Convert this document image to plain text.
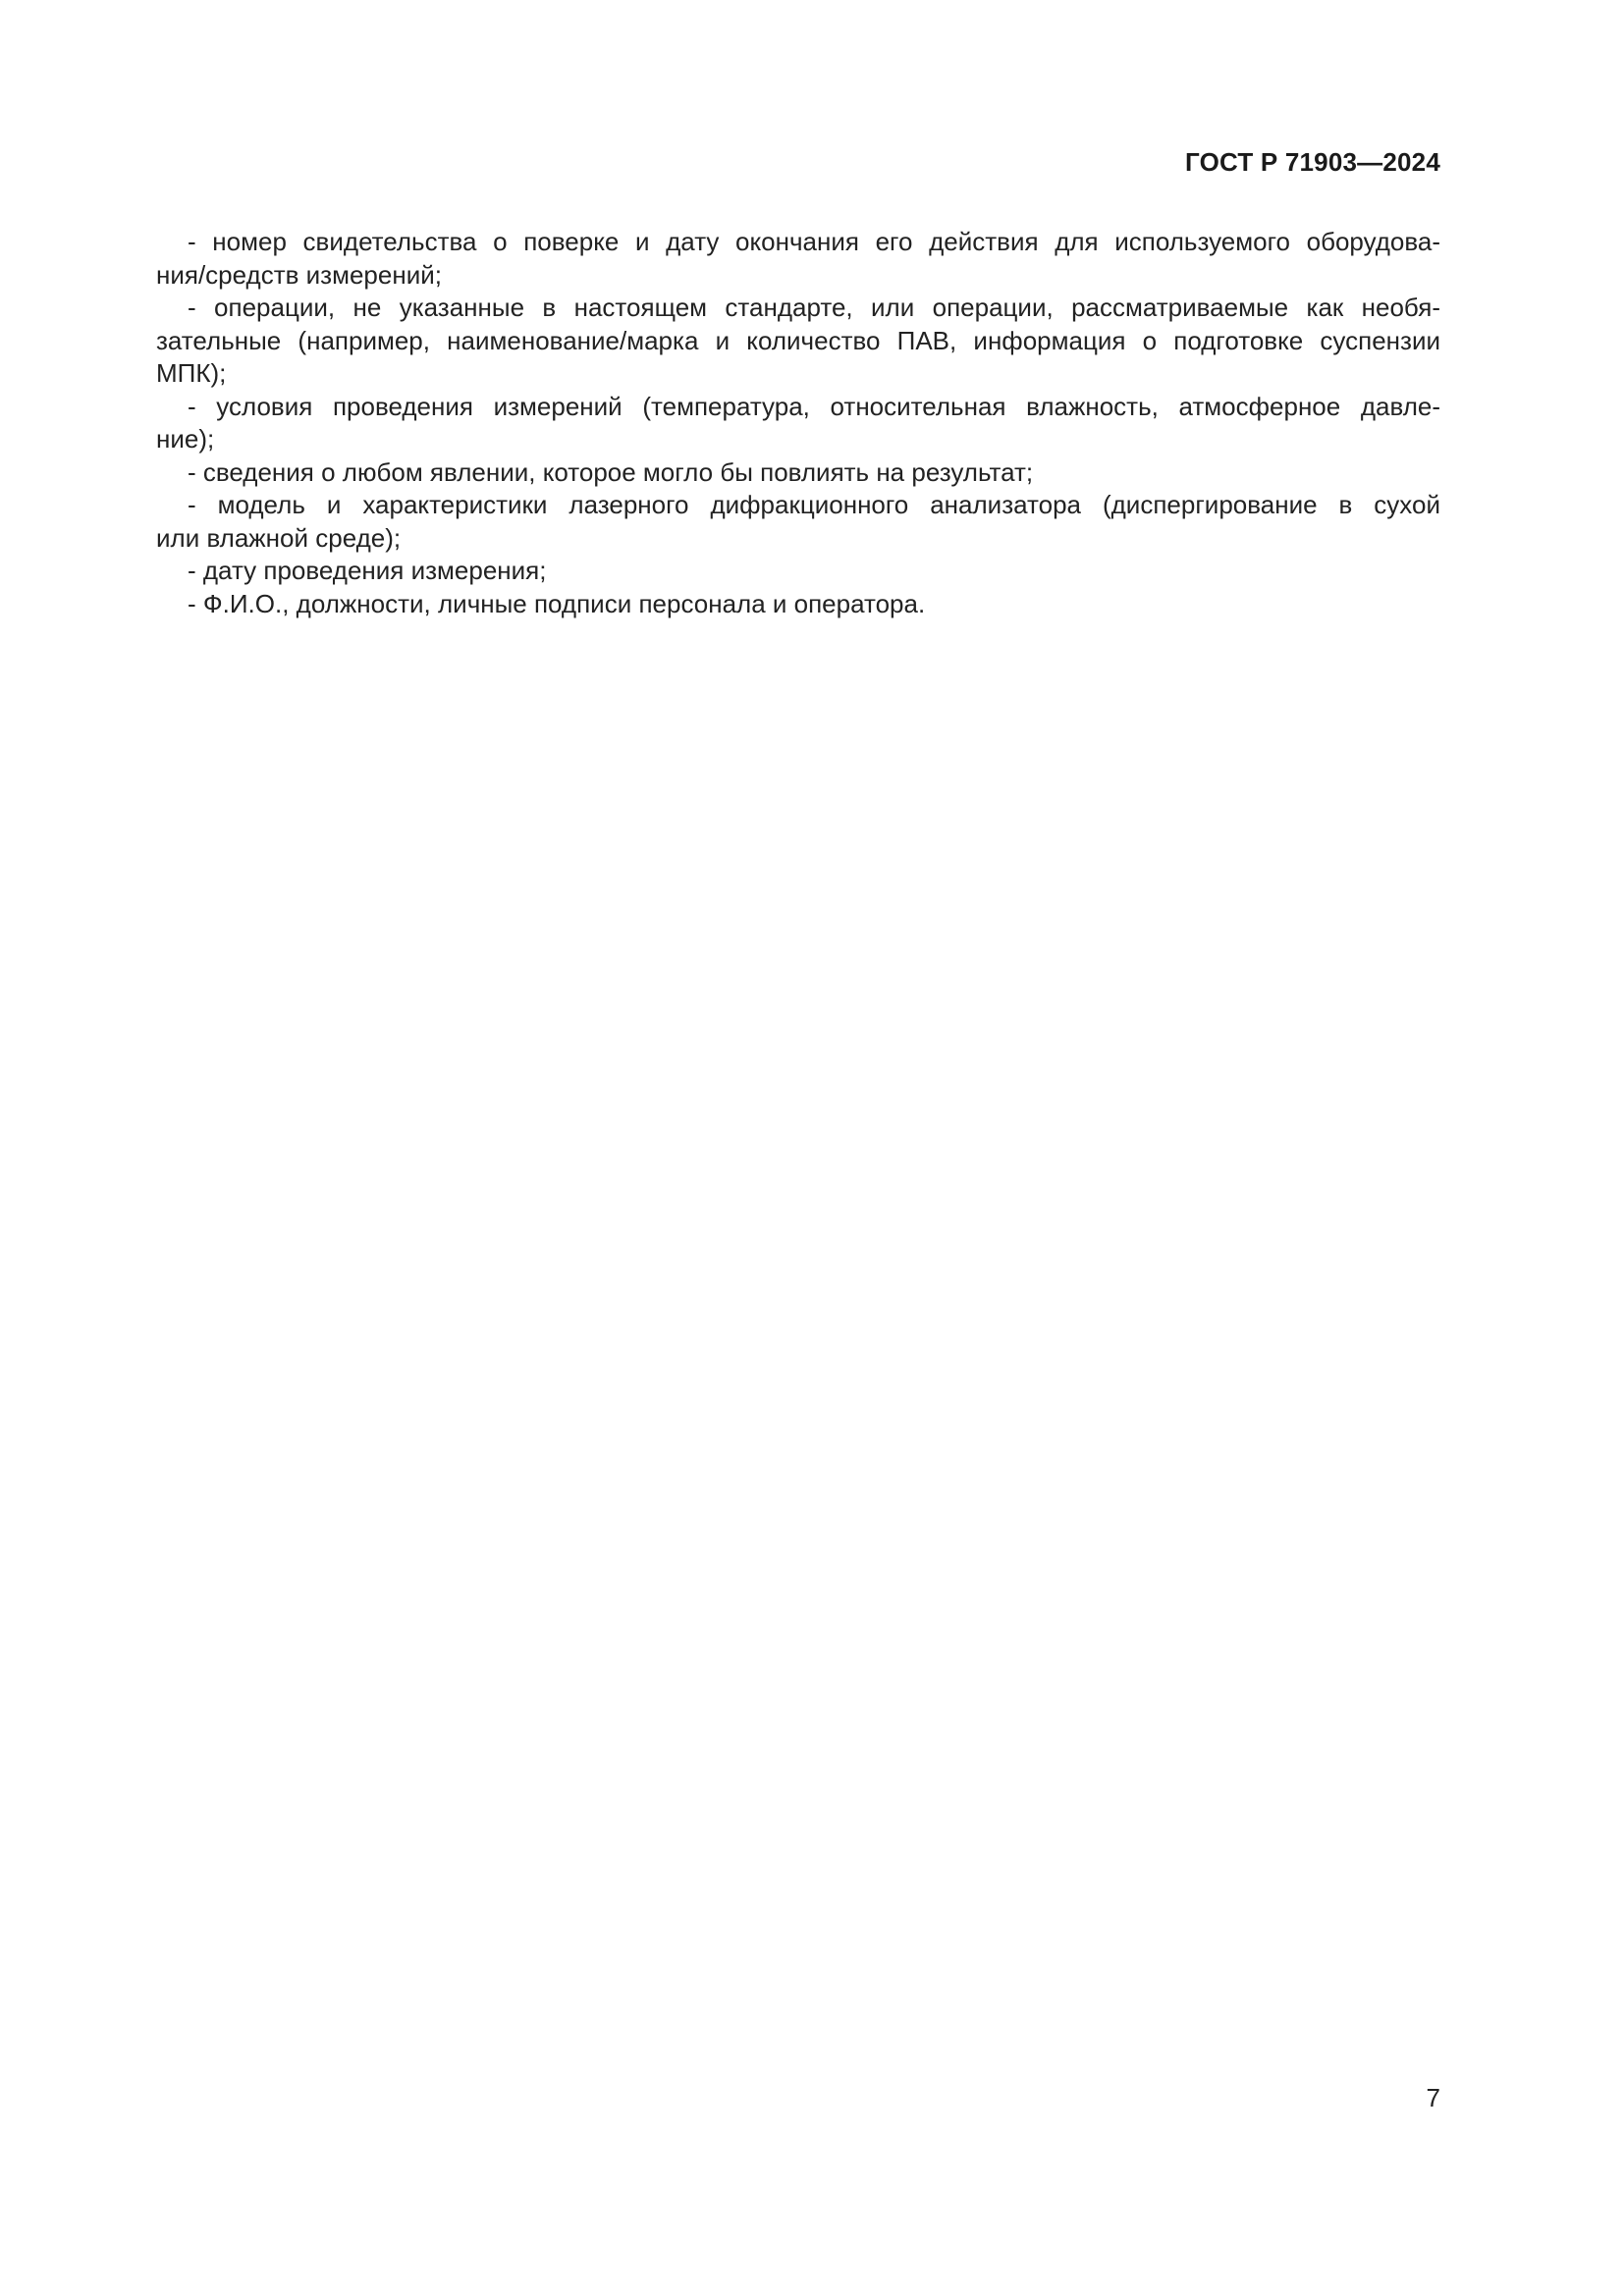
ГОСТ Р 71903—2024
- номер свидетельства о поверке и дату окончания его действия для используемого оборудова-
ния/средств измерений;
- операции, не указанные в настоящем стандарте, или операции, рассматриваемые как необя-
зательные (например, наименование/марка и количество ПАВ, информация о подготовке суспензии
МПК);
- условия проведения измерений (температура, относительная влажность, атмосферное давле-
ние);
- сведения о любом явлении, которое могло бы повлиять на результат;
- модель и характеристики лазерного дифракционного анализатора (диспергирование в сухой
или влажной среде);
- дату проведения измерения;
- Ф.И.О., должности, личные подписи персонала и оператора.
7
